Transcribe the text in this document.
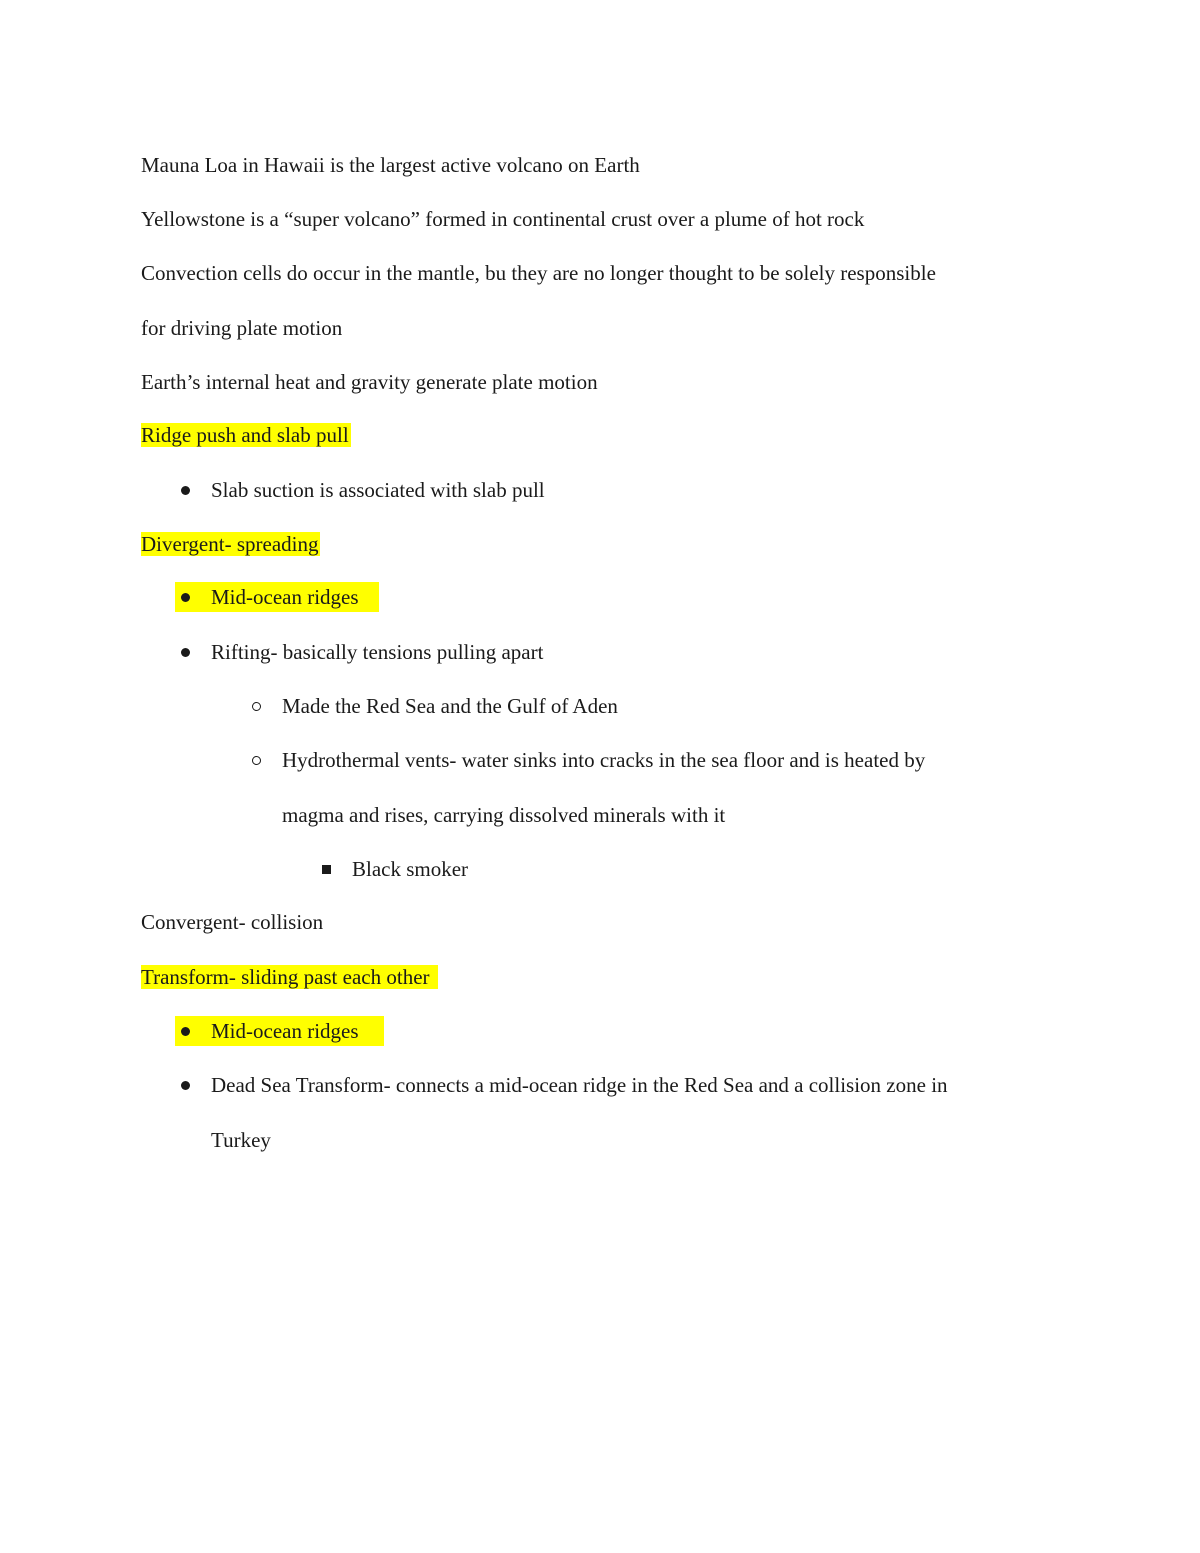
Mauna Loa in Hawaii is the largest active volcano on Earth
Yellowstone is a “super volcano” formed in continental crust over a plume of hot rock
Convection cells do occur in the mantle, bu they are no longer thought to be solely responsible
for driving plate motion
Earth’s internal heat and gravity generate plate motion
Ridge push and slab pull
Slab suction is associated with slab pull
Divergent- spreading
Mid-ocean ridges
Rifting- basically tensions pulling apart
Made the Red Sea and the Gulf of Aden
Hydrothermal vents- water sinks into cracks in the sea floor and is heated by
magma and rises, carrying dissolved minerals with it
Black smoker
Convergent- collision
Transform- sliding past each other
Mid-ocean ridges
Dead Sea Transform- connects a mid-ocean ridge in the Red Sea and a collision zone in
Turkey
